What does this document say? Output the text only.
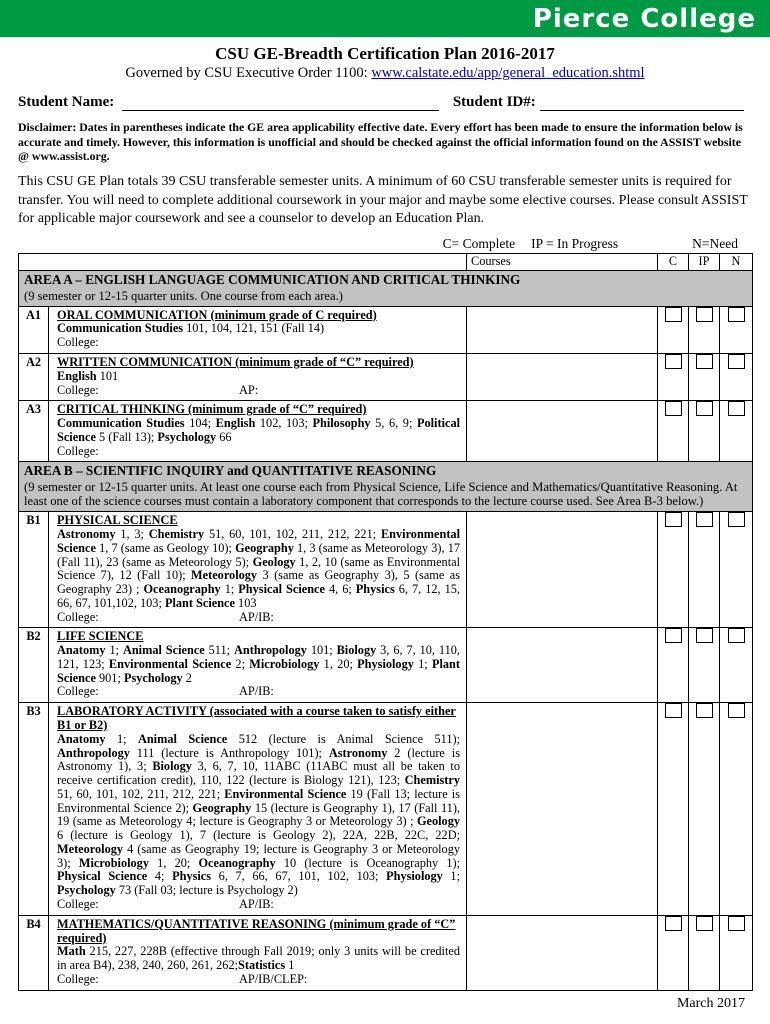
Pierce College
CSU GE-Breadth Certification Plan 2016-2017
Governed by CSU Executive Order 1100: www.calstate.edu/app/general_education.shtml
Student Name:	Student ID#:
Disclaimer: Dates in parentheses indicate the GE area applicability effective date. Every effort has been made to ensure the information below is accurate and timely. However, this information is unofficial and should be checked against the official information found on the ASSIST website @ www.assist.org.
This CSU GE Plan totals 39 CSU transferable semester units. A minimum of 60 CSU transferable semester units is required for transfer. You will need to complete additional coursework in your major and maybe some elective courses. Please consult ASSIST for applicable major coursework and see a counselor to develop an Education Plan.
C= Complete IP = In Progress	N=Need
		Courses	C	IP	N

AREA A – ENGLISH LANGUAGE COMMUNICATION AND CRITICAL THINKING
(9 semester or 12-15 quarter units. One course from each area.)					

A1	ORAL COMMUNICATION (minimum grade of C required)
Communication Studies 101, 104, 121, 151 (Fall 14)
College:				

A2	WRITTEN COMMUNICATION (minimum grade of “C” required)
English 101
College: AP:				

A3	CRITICAL THINKING (minimum grade of “C” required)
Communication Studies 104; English 102, 103; Philosophy 5, 6, 9; Political Science 5 (Fall 13); Psychology 66
College:				

AREA B – SCIENTIFIC INQUIRY and QUANTITATIVE REASONING
(9 semester or 12-15 quarter units. At least one course each from Physical Science, Life Science and Mathematics/Quantitative Reasoning. At least one of the science courses must contain a laboratory component that corresponds to the lecture course used. See Area B-3 below.)					

B1	PHYSICAL SCIENCE
Astronomy 1, 3; Chemistry 51, 60, 101, 102, 211, 212, 221; Environmental Science 1, 7 (same as Geology 10); Geography 1, 3 (same as Meteorology 3), 17 (Fall 11), 23 (same as Meteorology 5); Geology 1, 2, 10 (same as Environmental Science 7), 12 (Fall 10); Meteorology 3 (same as Geography 3), 5 (same as Geography 23) ; Oceanography 1; Physical Science 4, 6; Physics 6, 7, 12, 15, 66, 67, 101,102, 103; Plant Science 103
College: AP/IB:				

B2	LIFE SCIENCE
Anatomy 1; Animal Science 511; Anthropology 101; Biology 3, 6, 7, 10, 110, 121, 123; Environmental Science 2; Microbiology 1, 20; Physiology 1; Plant Science 901; Psychology 2
College: AP/IB:				

B3	LABORATORY ACTIVITY (associated with a course taken to satisfy either B1 or B2)
Anatomy 1; Animal Science 512 (lecture is Animal Science 511); Anthropology 111 (lecture is Anthropology 101); Astronomy 2 (lecture is Astronomy 1), 3; Biology 3, 6, 7, 10, 11ABC (11ABC must all be taken to receive certification credit), 110, 122 (lecture is Biology 121), 123; Chemistry 51, 60, 101, 102, 211, 212, 221; Environmental Science 19 (Fall 13; lecture is Environmental Science 2); Geography 15 (lecture is Geography 1), 17 (Fall 11), 19 (same as Meteorology 4; lecture is Geography 3 or Meteorology 3) ; Geology 6 (lecture is Geology 1), 7 (lecture is Geology 2), 22A, 22B, 22C, 22D; Meteorology 4 (same as Geography 19; lecture is Geography 3 or Meteorology 3); Microbiology 1, 20; Oceanography 10 (lecture is Oceanography 1); Physical Science 4; Physics 6, 7, 66, 67, 101, 102, 103; Physiology 1; Psychology 73 (Fall 03; lecture is Psychology 2)
College: AP/IB:				

B4	MATHEMATICS/QUANTITATIVE REASONING (minimum grade of “C” required)
Math 215, 227, 228B (effective through Fall 2019; only 3 units will be credited in area B4), 238, 240, 260, 261, 262;Statistics 1
College: AP/IB/CLEP:				

March 2017
